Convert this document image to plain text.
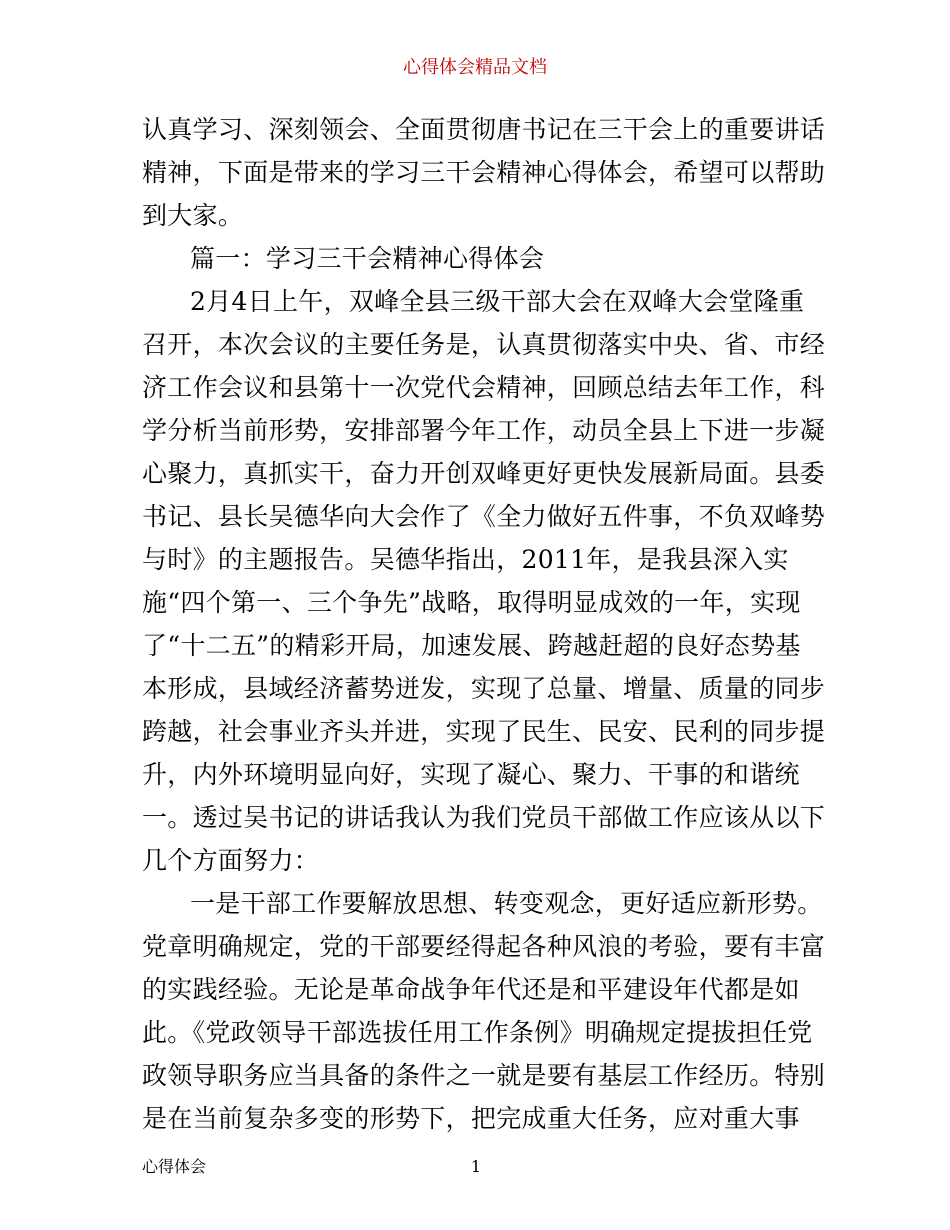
心得体会精品文档
认真学习、深刻领会、全面贯彻唐书记在三干会上的重要讲话
精神，下面是带来的学习三干会精神心得体会，希望可以帮助
到大家。
篇一：学习三干会精神心得体会
2月4日上午，双峰全县三级干部大会在双峰大会堂隆重
召开，本次会议的主要任务是，认真贯彻落实中央、省、市经
济工作会议和县第十一次党代会精神，回顾总结去年工作，科
学分析当前形势，安排部署今年工作，动员全县上下进一步凝
心聚力，真抓实干，奋力开创双峰更好更快发展新局面。县委
书记、县长吴德华向大会作了《全力做好五件事，不负双峰势
与时》的主题报告。吴德华指出，2011年，是我县深入实
施“四个第一、三个争先”战略，取得明显成效的一年，实现
了“十二五”的精彩开局，加速发展、跨越赶超的良好态势基
本形成，县域经济蓄势迸发，实现了总量、增量、质量的同步
跨越，社会事业齐头并进，实现了民生、民安、民利的同步提
升，内外环境明显向好，实现了凝心、聚力、干事的和谐统
一。透过吴书记的讲话我认为我们党员干部做工作应该从以下
几个方面努力：
一是干部工作要解放思想、转变观念，更好适应新形势。
党章明确规定，党的干部要经得起各种风浪的考验，要有丰富
的实践经验。无论是革命战争年代还是和平建设年代都是如
此。《党政领导干部选拔任用工作条例》明确规定提拔担任党
政领导职务应当具备的条件之一就是要有基层工作经历。特别
是在当前复杂多变的形势下，把完成重大任务，应对重大事
心得体会	1
